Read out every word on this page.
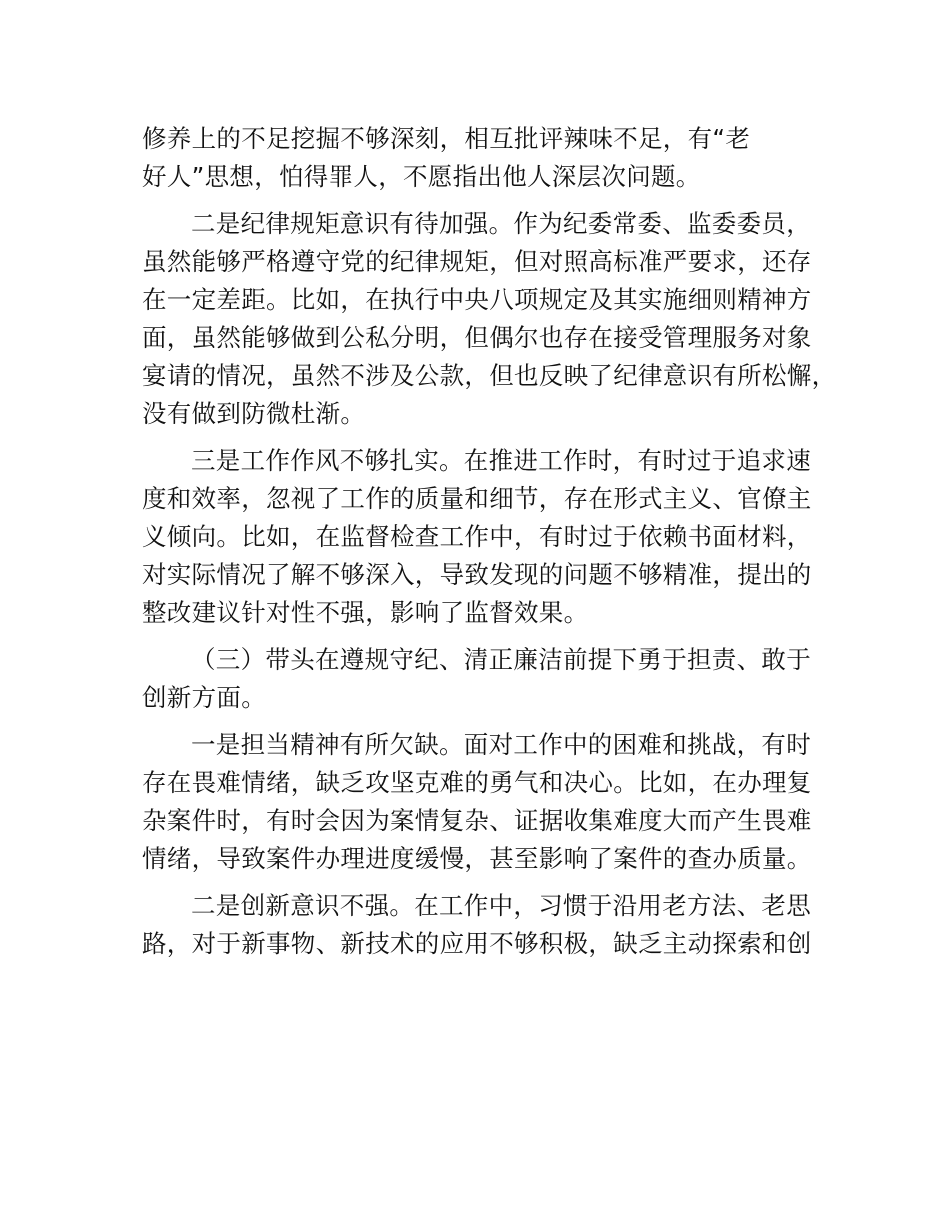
修养上的不足挖掘不够深刻，相互批评辣味不足，有“老
好人”思想，怕得罪人，不愿指出他人深层次问题。

二是纪律规矩意识有待加强。作为纪委常委、监委委员，
虽然能够严格遵守党的纪律规矩，但对照高标准严要求，还存
在一定差距。比如，在执行中央八项规定及其实施细则精神方
面，虽然能够做到公私分明，但偶尔也存在接受管理服务对象
宴请的情况，虽然不涉及公款，但也反映了纪律意识有所松懈，
没有做到防微杜渐。

三是工作作风不够扎实。在推进工作时，有时过于追求速
度和效率，忽视了工作的质量和细节，存在形式主义、官僚主
义倾向。比如，在监督检查工作中，有时过于依赖书面材料，
对实际情况了解不够深入，导致发现的问题不够精准，提出的
整改建议针对性不强，影响了监督效果。

（三）带头在遵规守纪、清正廉洁前提下勇于担责、敢于
创新方面。

一是担当精神有所欠缺。面对工作中的困难和挑战，有时
存在畏难情绪，缺乏攻坚克难的勇气和决心。比如，在办理复
杂案件时，有时会因为案情复杂、证据收集难度大而产生畏难
情绪，导致案件办理进度缓慢，甚至影响了案件的查办质量。

二是创新意识不强。在工作中，习惯于沿用老方法、老思
路，对于新事物、新技术的应用不够积极，缺乏主动探索和创
